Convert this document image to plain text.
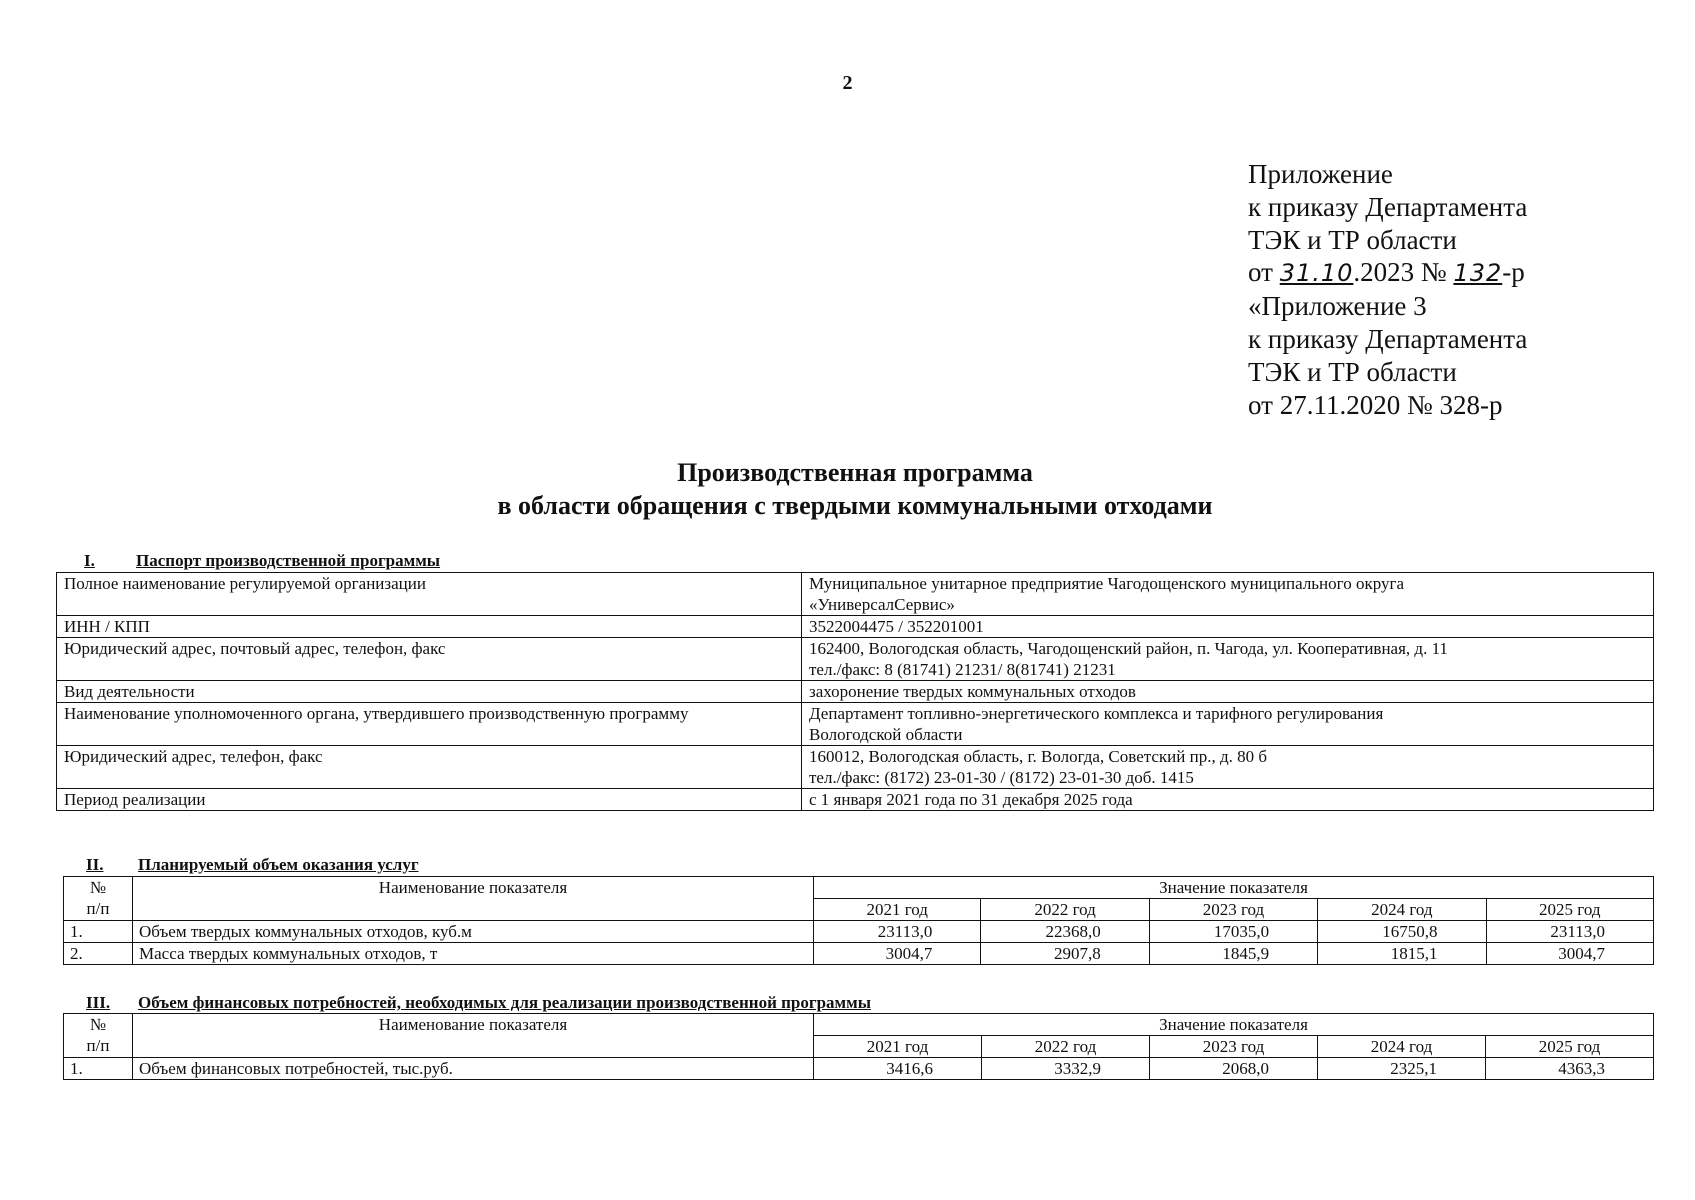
2
Приложение
к приказу Департамента
ТЭК и ТР области
от 31.10.2023 № 132-р
«Приложение 3
к приказу Департамента
ТЭК и ТР области
от 27.11.2020 № 328-р
Производственная программа
в области обращения с твердыми коммунальными отходами
I. Паспорт производственной программы
Полное наименование регулируемой организации	Муниципальное унитарное предприятие Чагодощенского муниципального округа
«УниверсалСервис»

ИНН / КПП	3522004475 / 352201001

Юридический адрес, почтовый адрес, телефон, факс	162400, Вологодская область, Чагодощенский район, п. Чагода, ул. Кооперативная, д. 11
тел./факс: 8 (81741) 21231/ 8(81741) 21231

Вид деятельности	захоронение твердых коммунальных отходов

Наименование уполномоченного органа, утвердившего производственную программу	Департамент топливно-энергетического комплекса и тарифного регулирования
Вологодской области

Юридический адрес, телефон, факс	160012, Вологодская область, г. Вологда, Советский пр., д. 80 б
тел./факс: (8172) 23-01-30 / (8172) 23-01-30 доб. 1415

Период реализации	с 1 января 2021 года по 31 декабря 2025 года
II. Планируемый объем оказания услуг
№
п/п	Наименование показателя	Значение показателя				
		2021 год	2022 год	2023 год	2024 год	2025 год
1.	Объем твердых коммунальных отходов, куб.м	23113,0	22368,0	17035,0	16750,8	23113,0
2.	Масса твердых коммунальных отходов, т	3004,7	2907,8	1845,9	1815,1	3004,7
III. Объем финансовых потребностей, необходимых для реализации производственной программы
№
п/п	Наименование показателя	Значение показателя				
		2021 год	2022 год	2023 год	2024 год	2025 год
1.	Объем финансовых потребностей, тыс.руб.	3416,6	3332,9	2068,0	2325,1	4363,3
